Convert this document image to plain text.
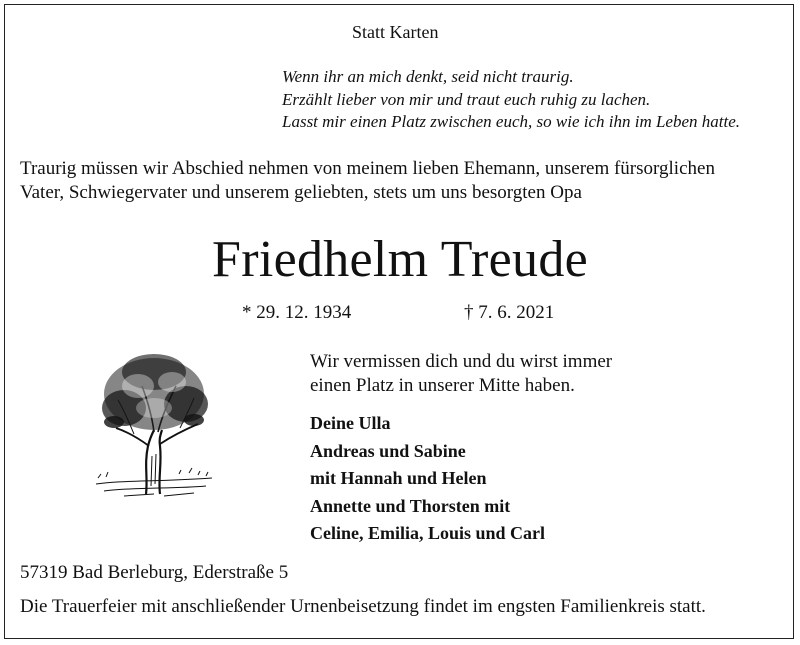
Statt Karten
Wenn ihr an mich denkt, seid nicht traurig.
Erzählt lieber von mir und traut euch ruhig zu lachen.
Lasst mir einen Platz zwischen euch, so wie ich ihn im Leben hatte.
Traurig müssen wir Abschied nehmen von meinem lieben Ehemann, unserem fürsorglichen
Vater, Schwiegervater und unserem geliebten, stets um uns besorgten Opa
Friedhelm Treude
* 29. 12. 1934	† 7. 6. 2021
Wir vermissen dich und du wirst immer
einen Platz in unserer Mitte haben.
Deine Ulla
Andreas und Sabine
mit Hannah und Helen
Annette und Thorsten mit
Celine, Emilia, Louis und Carl
57319 Bad Berleburg, Ederstraße 5
Die Trauerfeier mit anschließender Urnenbeisetzung findet im engsten Familienkreis statt.
